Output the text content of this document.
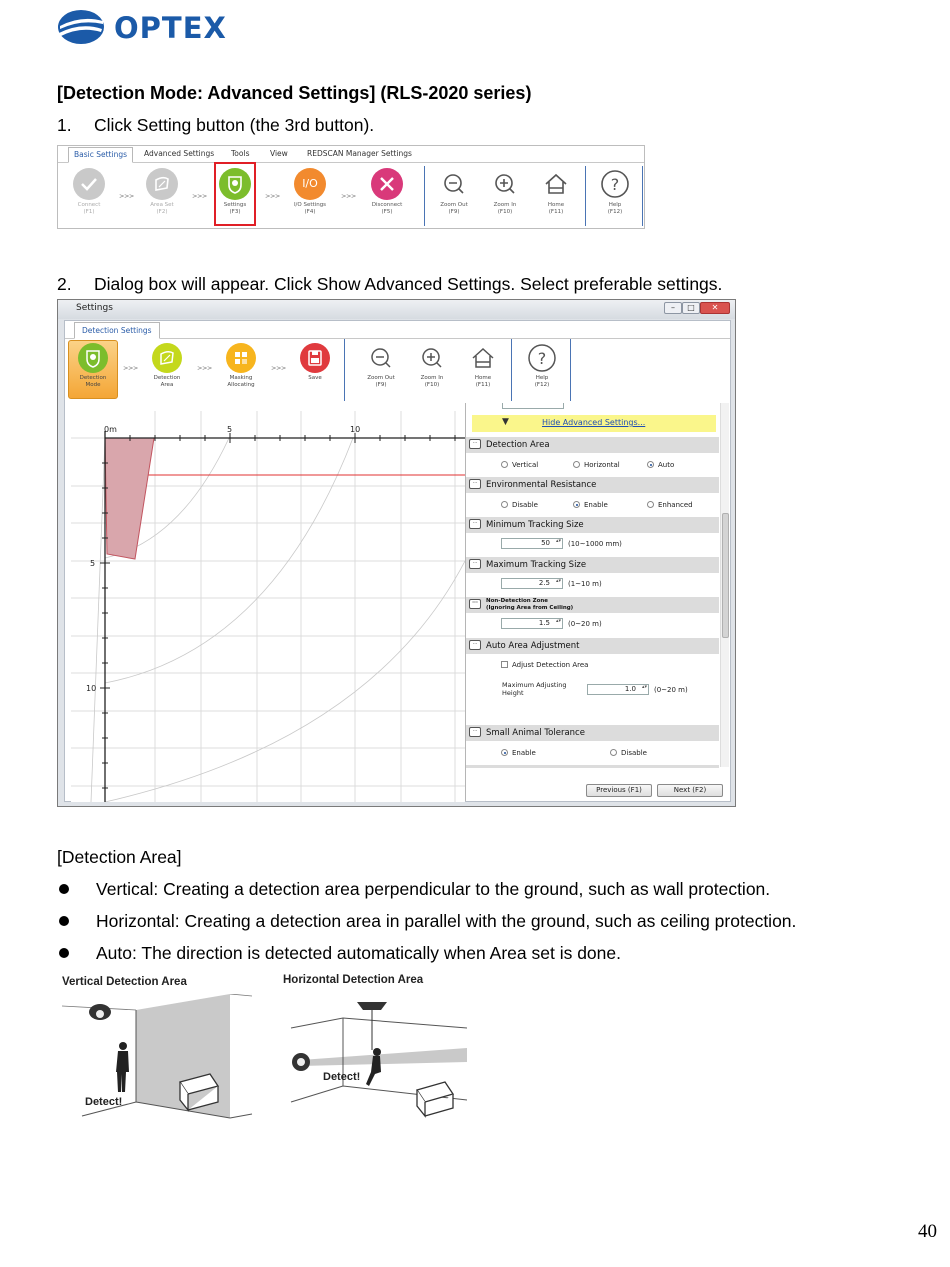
OPTEX
[Detection Mode: Advanced Settings] (RLS-2020 series)
1. Click Setting button (the 3rd button).
Basic Settings	Advanced Settings Tools	View	REDSCAN Manager Settings
Connect
(F1)
>>>
Area Set
(F2)
>>>
Settings
(F3)
>>>
I/O
I/O Settings
(F4)
>>>
Disconnect
(F5)
Zoom Out
(F9)
Zoom In
(F10)
Home
(F11)
?
Help
(F12)
2. Dialog box will appear. Click Show Advanced Settings. Select preferable settings.
Settings	–	□	✕
Detection Settings
Detection
Mode
>>>
Detection
Area
>>>
Masking
Allocating
>>>
Save	Zoom Out
(F9)
Zoom In
(F10)
Home
(F11)
?
Help
(F12)
0m	5	10
5
10
▼	Hide Advanced Settings...
···	Detection Area
Vertical	Horizontal	Auto
···	Environmental Resistance
Disable	Enable	Enhanced
···	Minimum Tracking Size
50 ▴▾	(10~1000 mm)
···	Maximum Tracking Size
2.5 ▴▾	(1~10 m)
···	Non-Detection Zone
(Ignoring Area from Ceiling)
1.5 ▴▾	(0~20 m)
···	Auto Area Adjustment
Adjust Detection Area
Maximum Adjusting
Height	1.0 ▴▾	(0~20 m)
···	Small Animal Tolerance
Enable	Disable
Previous (F1)	Next (F2)
[Detection Area]
Vertical: Creating a detection area perpendicular to the ground, such as wall protection.
Horizontal: Creating a detection area in parallel with the ground, such as ceiling protection.
Auto: The direction is detected automatically when Area set is done.
Vertical Detection Area
Detect!
Horizontal Detection Area
Detect!
40
